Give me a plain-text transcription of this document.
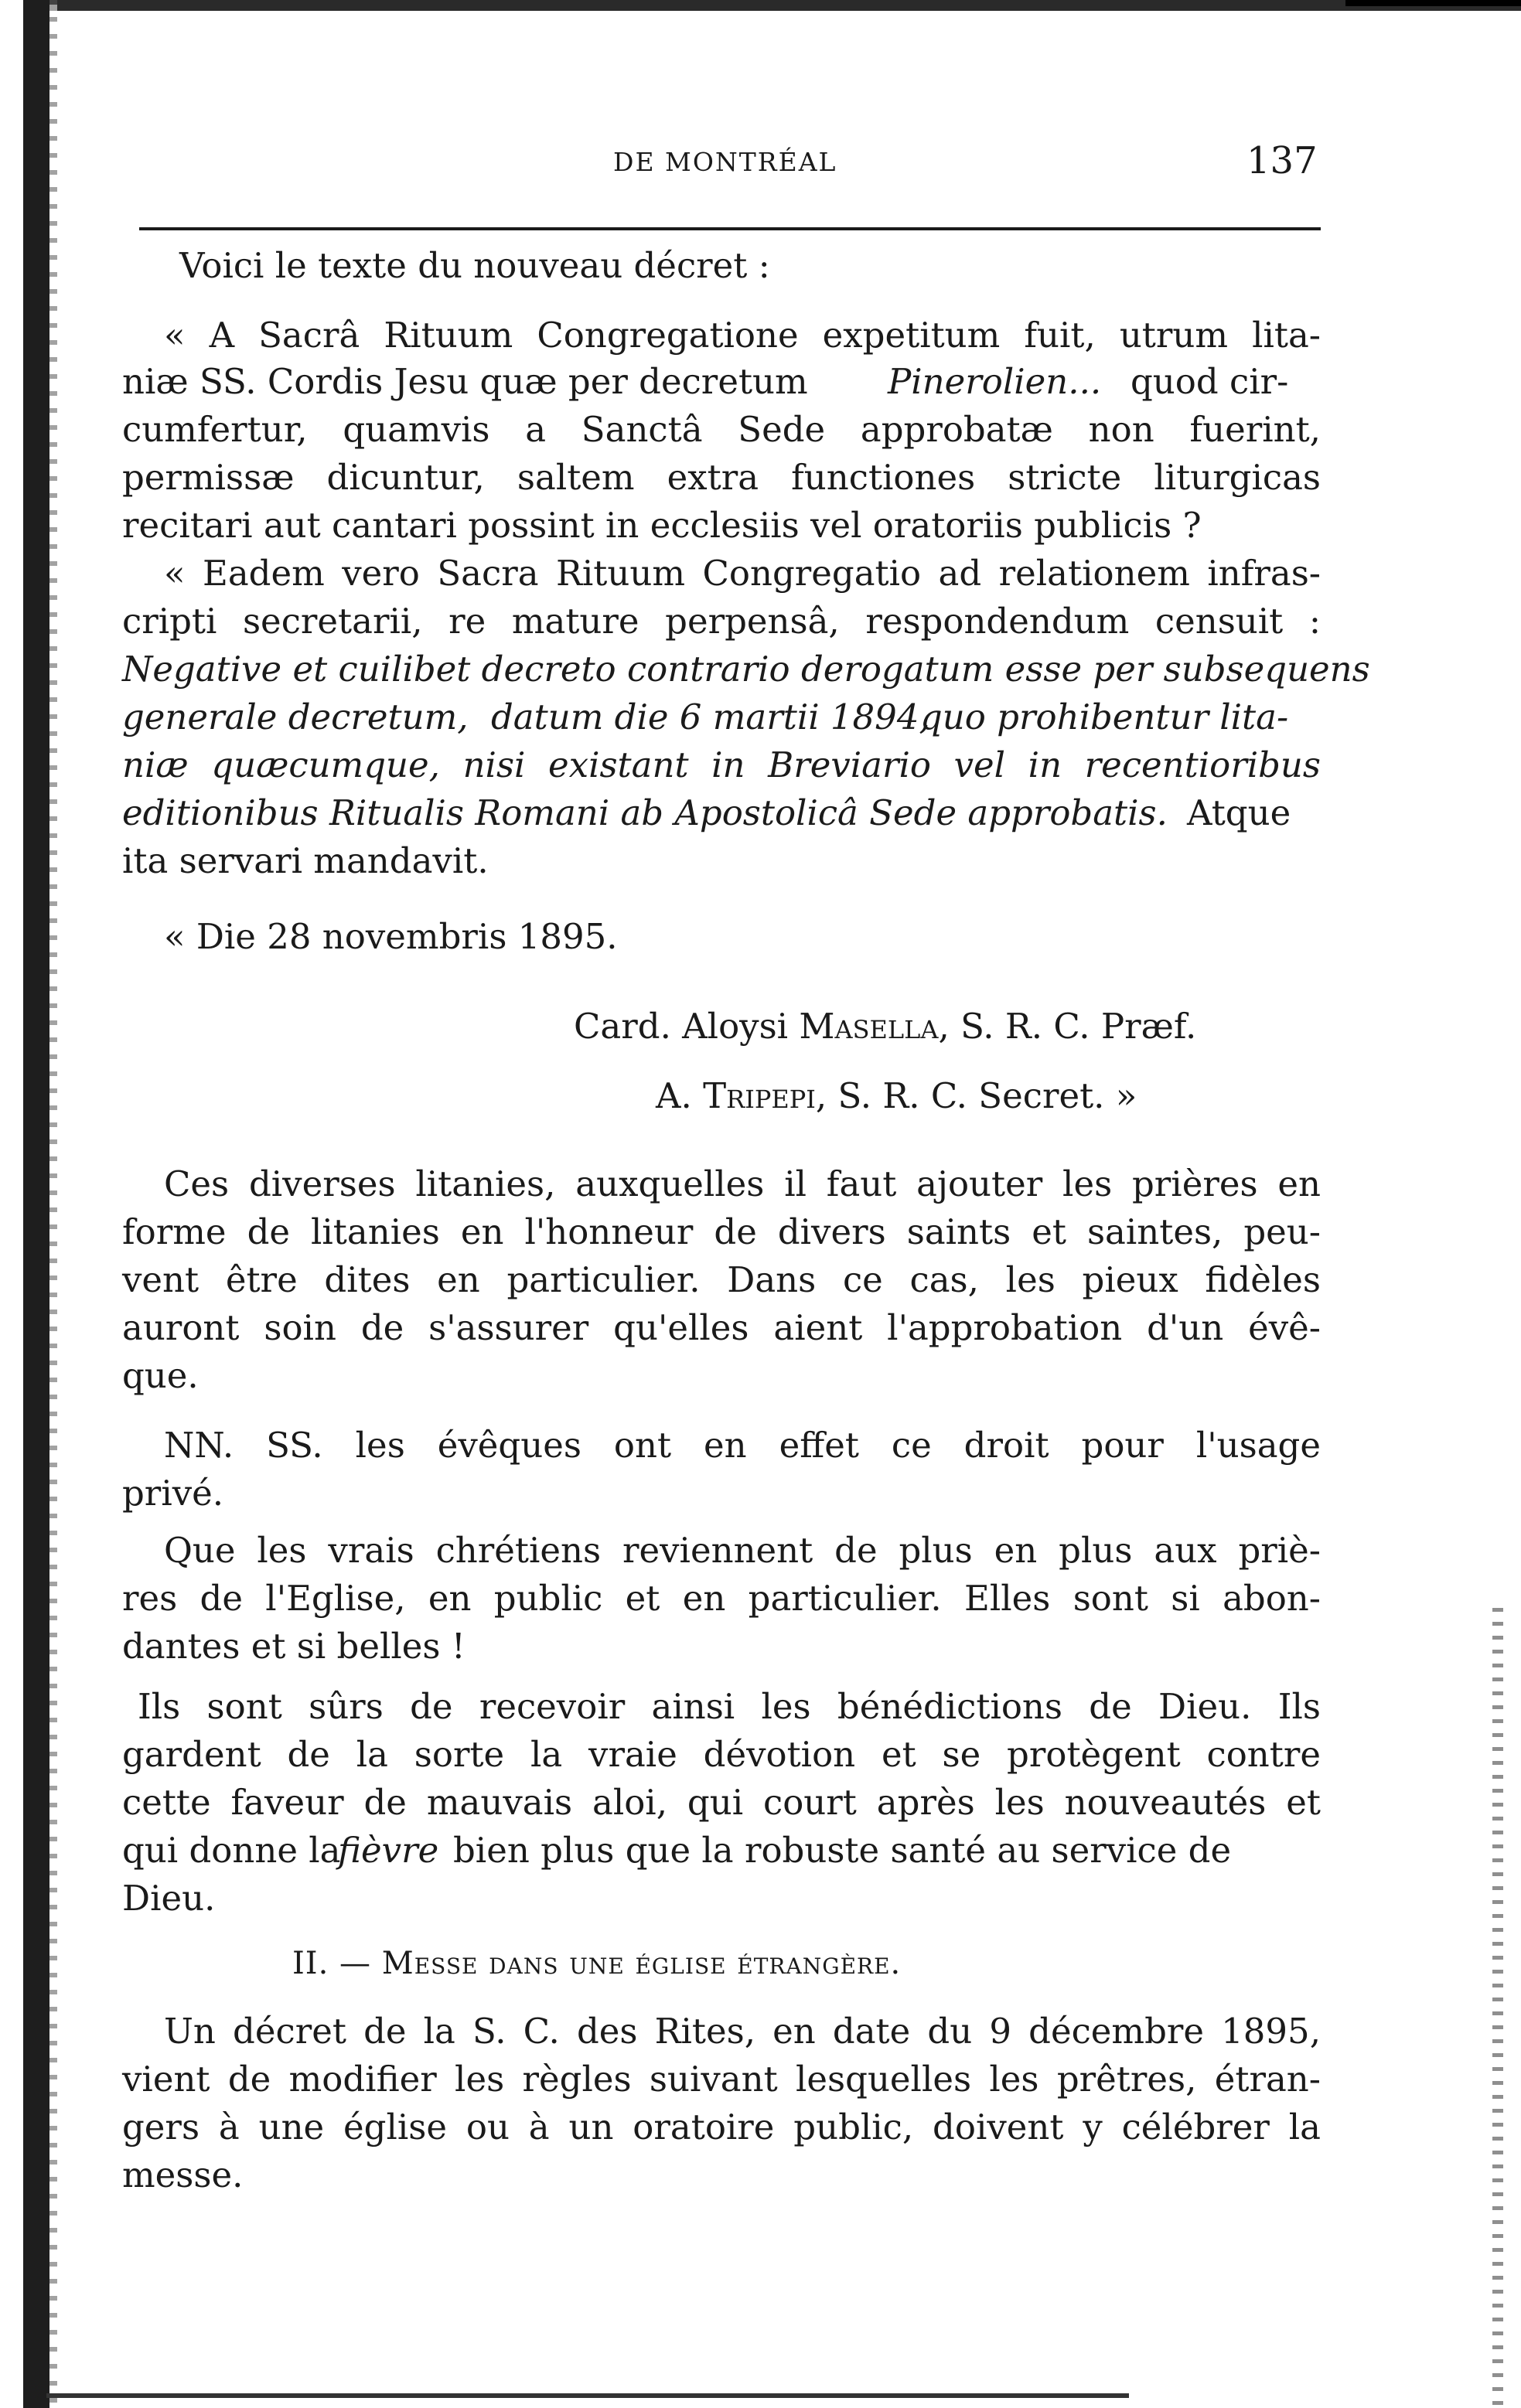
DE MONTRÉAL	137
Voici le texte du nouveau décret :
« A Sacrâ Rituum Congregatione expetitum fuit, utrum lita-
niæ SS. Cordis Jesu quæ per decretum Pinerolien... quod cir-
cumfertur, quamvis a Sanctâ Sede approbatæ non fuerint,
permissæ dicuntur, saltem extra functiones stricte liturgicas
recitari aut cantari possint in ecclesiis vel oratoriis publicis ?
« Eadem vero Sacra Rituum Congregatio ad relationem infras-
cripti secretarii, re mature perpensâ, respondendum censuit :
Negative et cuilibet decreto contrario derogatum esse per subsequens
generale decretum, datum die 6 martii 1894,
quo prohibentur lita-
niæ quæcumque, nisi existant in Breviario vel in recentioribus
editionibus Ritualis Romani ab Apostolicâ Sede approbatis. Atque
ita servari mandavit.
« Die 28 novembris 1895.
Card. Aloysi Masella, S. R. C. Præf.
A. Tripepi, S. R. C. Secret. »
Ces diverses litanies, auxquelles il faut ajouter les prières en
forme de litanies en l'honneur de divers saints et saintes, peu-
vent être dites en particulier. Dans ce cas, les pieux fidèles
auront soin de s'assurer qu'elles aient l'approbation d'un évê-
que.
NN. SS. les évêques ont en effet ce droit pour l'usage
privé.
Que les vrais chrétiens reviennent de plus en plus aux priè-
res de l'Eglise, en public et en particulier. Elles sont si abon-
dantes et si belles !
Ils sont sûrs de recevoir ainsi les bénédictions de Dieu. Ils
gardent de la sorte la vraie dévotion et se protègent contre
cette faveur de mauvais aloi, qui court après les nouveautés et
qui donne la
fièvre bien plus que la robuste santé au service de
Dieu.
II. — Messe dans une église étrangère.
Un décret de la S. C. des Rites, en date du 9 décembre 1895,
vient de modifier les règles suivant lesquelles les prêtres, étran-
gers à une église ou à un oratoire public, doivent y célébrer la
messe.
